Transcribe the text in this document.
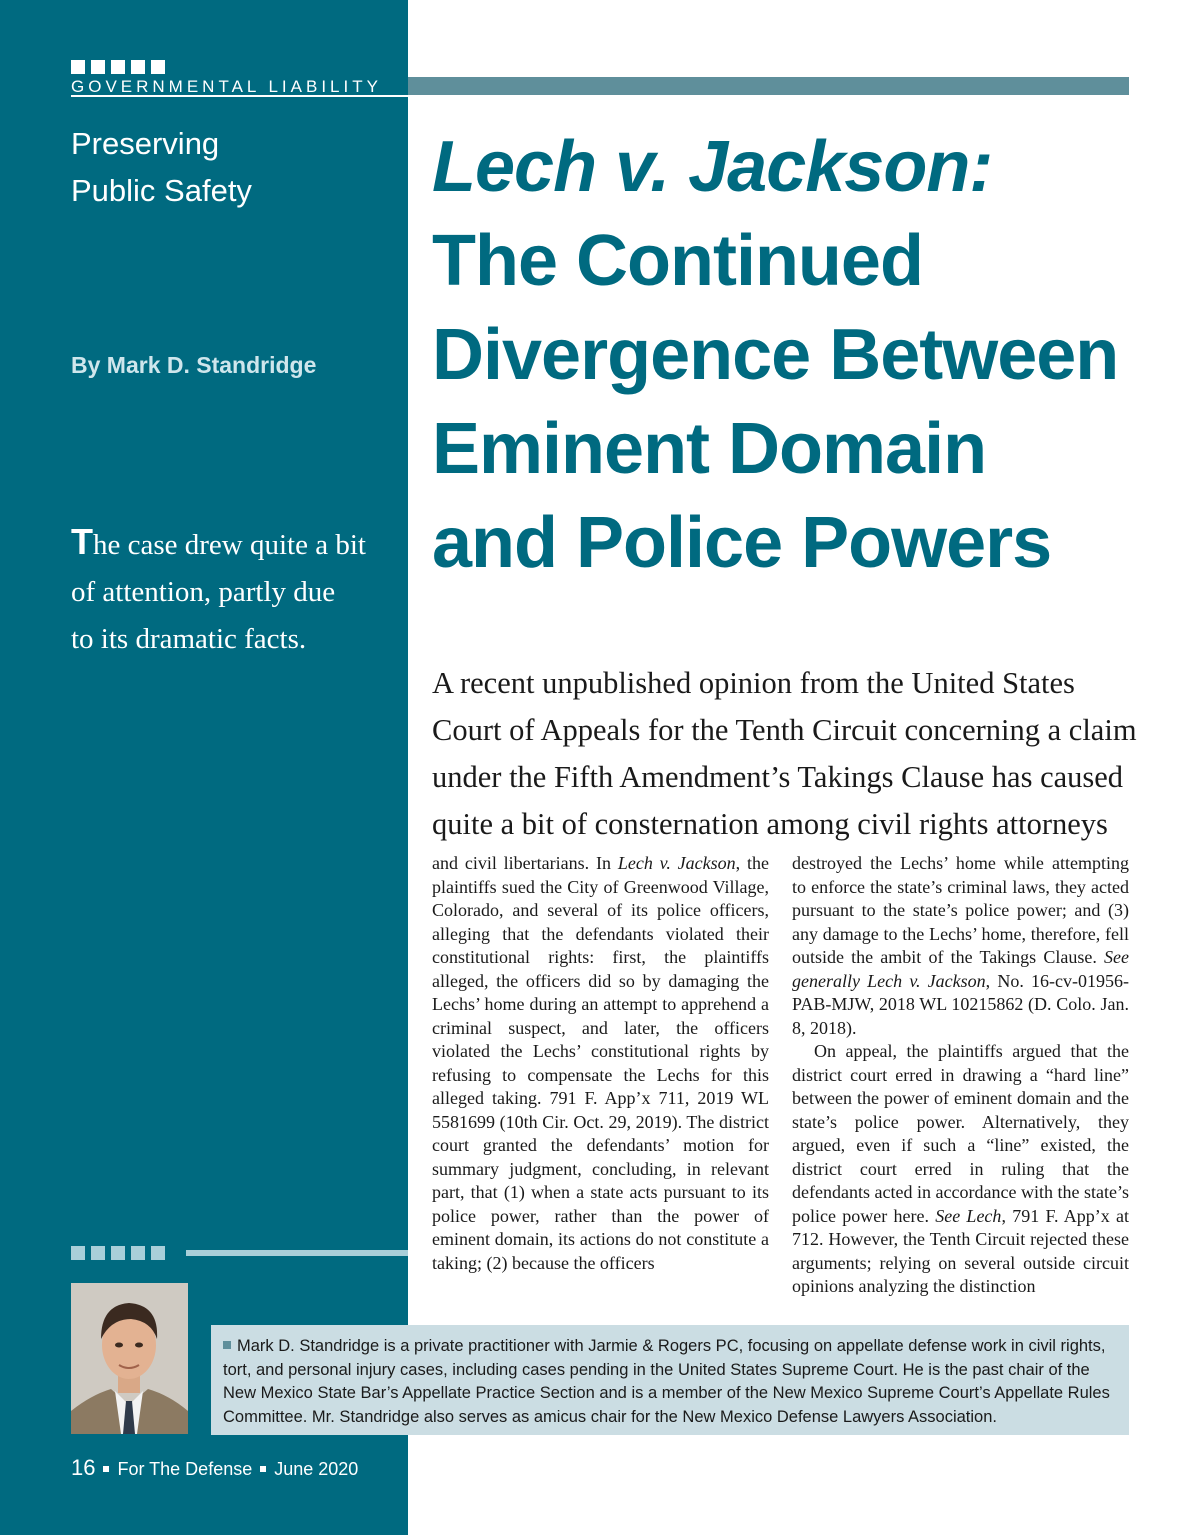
GOVERNMENTAL LIABILITY
Preserving
Public Safety
By Mark D. Standridge
The case drew quite a bit
of attention, partly due
to its dramatic facts.
Lech v. Jackson:
The Continued
Divergence Between
Eminent Domain
and Police Powers
A recent unpublished opinion from the United States
Court of Appeals for the Tenth Circuit concerning a claim
under the Fifth Amendment’s Takings Clause has caused
quite a bit of consternation among civil rights attorneys

and civil libertarians. In Lech v. Jackson, the plaintiffs sued the City of Greenwood Village, Colorado, and several of its police officers, alleging that the defendants violated their constitutional rights: first, the plaintiffs alleged, the officers did so by damaging the Lechs’ home during an attempt to apprehend a criminal suspect, and later, the officers violated the Lechs’ constitutional rights by refusing to compensate the Lechs for this alleged taking. 791 F. App’x 711, 2019 WL 5581699 (10th Cir. Oct. 29, 2019). The district court granted the defendants’ motion for summary judgment, concluding, in relevant part, that (1) when a state acts pursuant to its police power, rather than the power of eminent domain, its actions do not constitute a taking; (2) because the officers

destroyed the Lechs’ home while attempting to enforce the state’s criminal laws, they acted pursuant to the state’s police power; and (3) any damage to the Lechs’ home, therefore, fell outside the ambit of the Takings Clause. See generally Lech v. Jackson, No. 16-cv-01956-PAB-MJW, 2018 WL 10215862 (D. Colo. Jan. 8, 2018).

On appeal, the plaintiffs argued that the district court erred in drawing a “hard line” between the power of eminent domain and the state’s police power. Alternatively, they argued, even if such a “line” existed, the district court erred in ruling that the defendants acted in accordance with the state’s police power here. See Lech, 791 F. App’x at 712. However, the Tenth Circuit rejected these arguments; relying on several outside circuit opinions analyzing the distinction

Mark D. Standridge is a private practitioner with Jarmie & Rogers PC, focusing on appellate defense work in civil rights, tort, and personal injury cases, including cases pending in the United States Supreme Court. He is the past chair of the New Mexico State Bar’s Appellate Practice Section and is a member of the New Mexico Supreme Court’s Appellate Rules Committee. Mr. Standridge also serves as amicus chair for the New Mexico Defense Lawyers Association.
16 For The Defense June 2020
